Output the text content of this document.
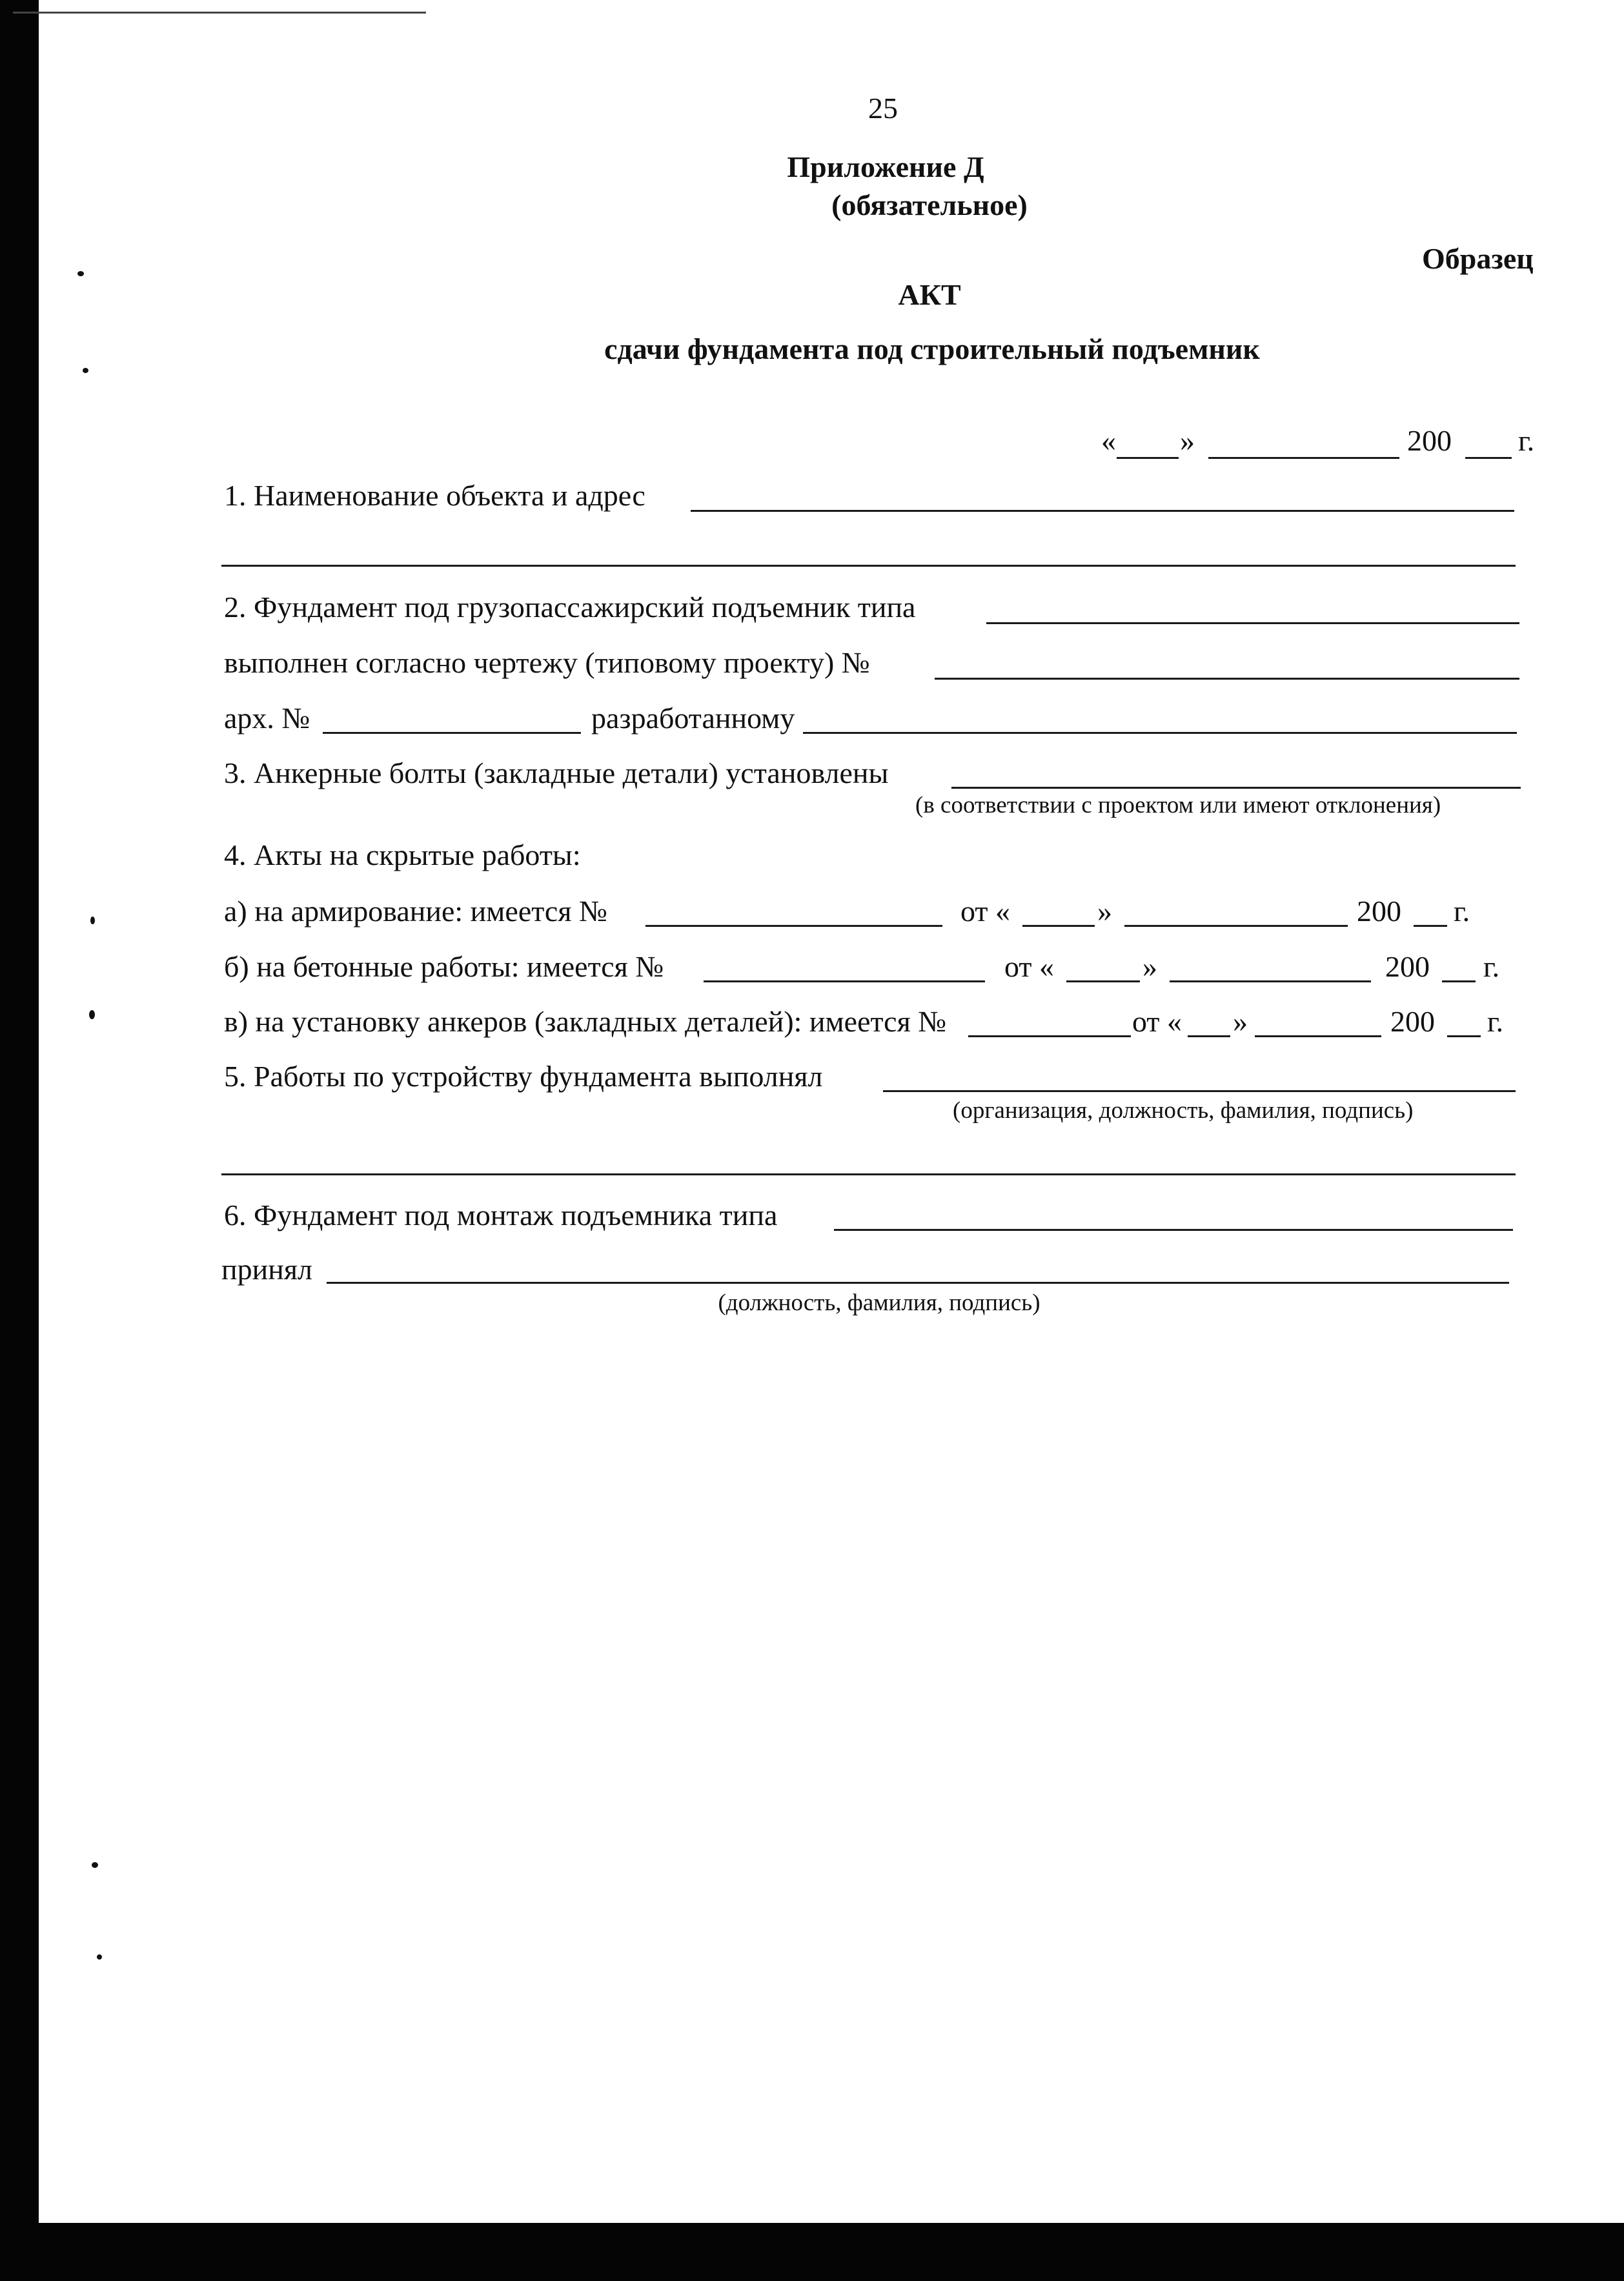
25
Приложение Д
(обязательное)
Образец
АКТ
сдачи фундамента под строительный подъемник
« »	200 г.
1. Наименование объекта и адрес
2. Фундамент под грузопассажирский подъемник типа
выполнен согласно чертежу (типовому проекту) №
арх. №	разработанному
3. Анкерные болты (закладные детали) установлены
(в соответствии с проектом или имеют отклонения)
4. Акты на скрытые работы:
а) на армирование: имеется №	от «	»	200 г.
б) на бетонные работы: имеется №	от «	»	200 г.
в) на установку анкеров (закладных деталей): имеется №	от « »	200 г.
5. Работы по устройству фундамента выполнял
(организация, должность, фамилия, подпись)
6. Фундамент под монтаж подъемника типа
принял
(должность, фамилия, подпись)
